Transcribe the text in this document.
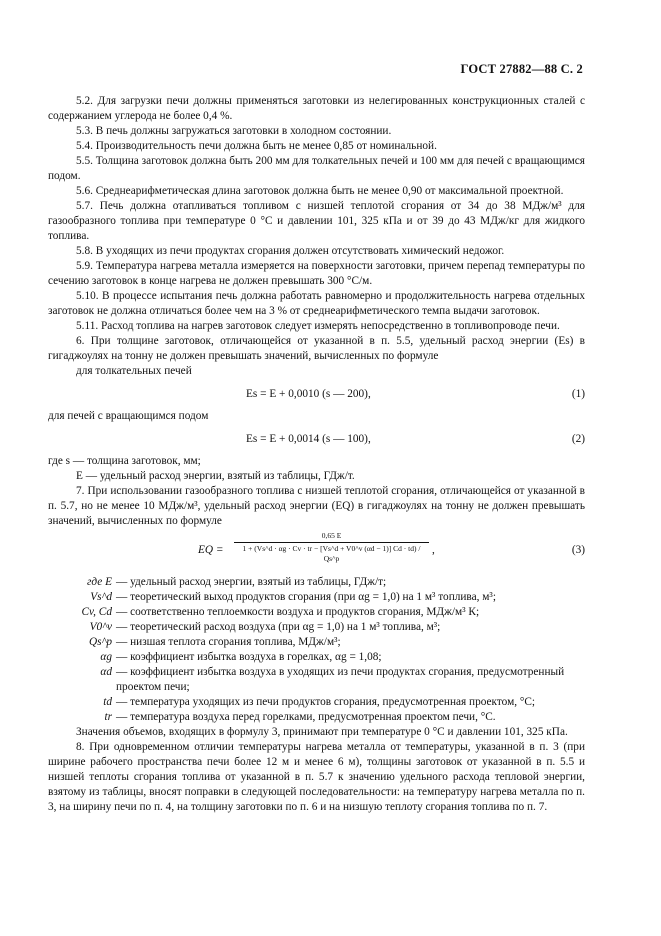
ГОСТ 27882—88 С. 2

5.2. Для загрузки печи должны применяться заготовки из нелегированных конструкционных сталей с содержанием углерода не более 0,4 %.

5.3. В печь должны загружаться заготовки в холодном состоянии.

5.4. Производительность печи должна быть не менее 0,85 от номинальной.

5.5. Толщина заготовок должна быть 200 мм для толкательных печей и 100 мм для печей с вращающимся подом.

5.6. Среднеарифметическая длина заготовок должна быть не менее 0,90 от максимальной проектной.

5.7. Печь должна отапливаться топливом с низшей теплотой сгорания от 34 до 38 МДж/м³ для газообразного топлива при температуре 0 °С и давлении 101, 325 кПа и от 39 до 43 МДж/кг для жидкого топлива.

5.8. В уходящих из печи продуктах сгорания должен отсутствовать химический недожог.

5.9. Температура нагрева металла измеряется на поверхности заготовки, причем перепад температуры по сечению заготовок в конце нагрева не должен превышать 300 °С/м.

5.10. В процессе испытания печь должна работать равномерно и продолжительность нагрева отдельных заготовок не должна отличаться более чем на 3 % от среднеарифметического темпа выдачи заготовок.

5.11. Расход топлива на нагрев заготовок следует измерять непосредственно в топливопроводе печи.

6. При толщине заготовок, отличающейся от указанной в п. 5.5, удельный расход энергии (Es) в гигаджоулях на тонну не должен превышать значений, вычисленных по формуле

для толкательных печей

Es = E + 0,0010 (s — 200),	(1)

для печей с вращающимся подом

Es = E + 0,0014 (s — 100),	(2)

где s — толщина заготовок, мм;

E — удельный расход энергии, взятый из таблицы, ГДж/т.

7. При использовании газообразного топлива с низшей теплотой сгорания, отличающейся от указанной в п. 5.7, но не менее 10 МДж/м³, удельный расход энергии (EQ) в гигаджоулях на тонну не должен превышать значений, вычисленных по формуле

EQ =
0,65 E
1 + (Vs^d · αg · Cv · tr − [Vs^d + V0^v (αd − 1)] Cd · td) / Qs^p
,	(3)
где E — удельный расход энергии, взятый из таблицы, ГДж/т;
Vs^d — теоретический выход продуктов сгорания (при αg = 1,0) на 1 м³ топлива, м³;
Cv, Cd — соответственно теплоемкости воздуха и продуктов сгорания, МДж/м³ К;
V0^v — теоретический расход воздуха (при αg = 1,0) на 1 м³ топлива, м³;
Qs^p — низшая теплота сгорания топлива, МДж/м³;
αg — коэффициент избытка воздуха в горелках, αg = 1,08;
αd — коэффициент избытка воздуха в уходящих из печи продуктах сгорания, предусмотренный проектом печи;
td — температура уходящих из печи продуктов сгорания, предусмотренная проектом, °С;
tr — температура воздуха перед горелками, предусмотренная проектом печи, °С.

Значения объемов, входящих в формулу 3, принимают при температуре 0 °С и давлении 101, 325 кПа.

8. При одновременном отличии температуры нагрева металла от температуры, указанной в п. 3 (при ширине рабочего пространства печи более 12 м и менее 6 м), толщины заготовок от указанной в п. 5.5 и низшей теплоты сгорания топлива от указанной в п. 5.7 к значению удельного расхода тепловой энергии, взятому из таблицы, вносят поправки в следующей последовательности: на температуру нагрева металла по п. 3, на ширину печи по п. 4, на толщину заготовки по п. 6 и на низшую теплоту сгорания топлива по п. 7.
